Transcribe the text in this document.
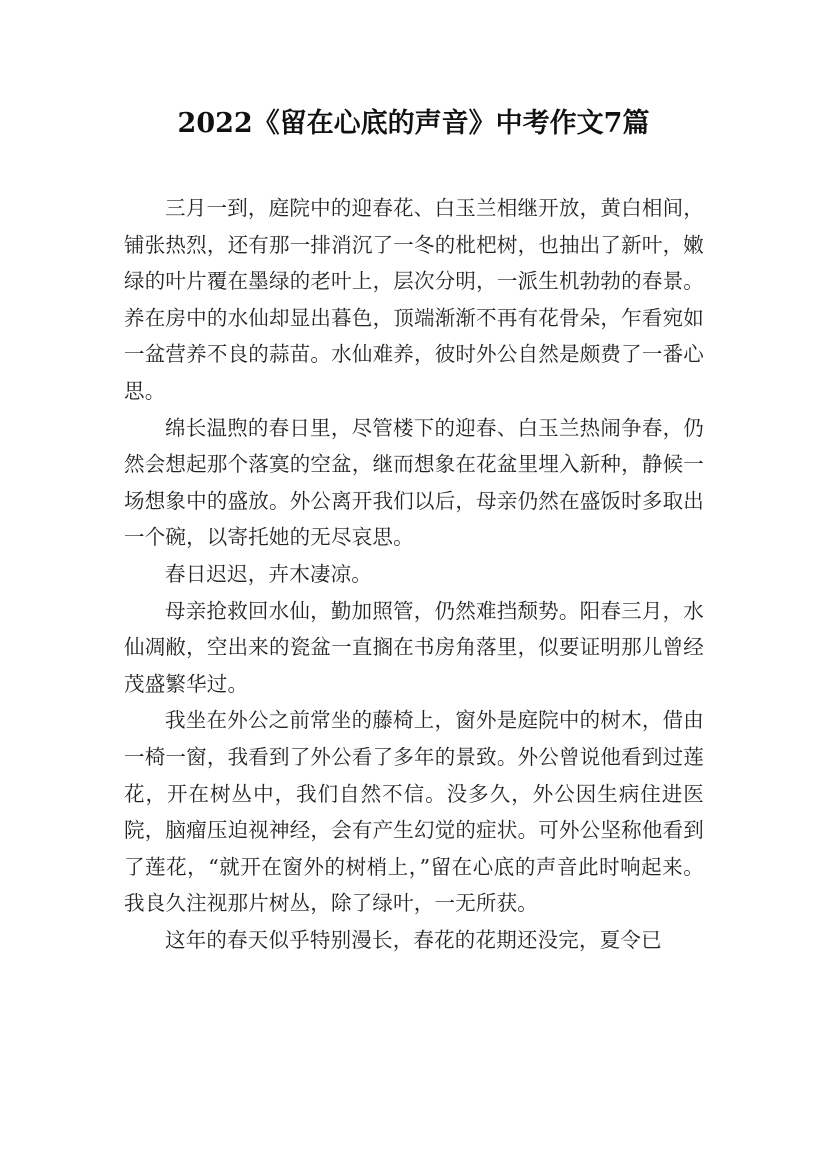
2022《留在心底的声音》中考作文7篇

三月一到，庭院中的迎春花、白玉兰相继开放，黄白相间，铺张热烈，还有那一排消沉了一冬的枇杷树，也抽出了新叶，嫩绿的叶片覆在墨绿的老叶上，层次分明，一派生机勃勃的春景。养在房中的水仙却显出暮色，顶端渐渐不再有花骨朵，乍看宛如一盆营养不良的蒜苗。水仙难养，彼时外公自然是颇费了一番心思。

绵长温煦的春日里，尽管楼下的迎春、白玉兰热闹争春，仍然会想起那个落寞的空盆，继而想象在花盆里埋入新种，静候一场想象中的盛放。外公离开我们以后，母亲仍然在盛饭时多取出一个碗，以寄托她的无尽哀思。

春日迟迟，卉木凄凉。

母亲抢救回水仙，勤加照管，仍然难挡颓势。阳春三月，水仙凋敝，空出来的瓷盆一直搁在书房角落里，似要证明那儿曾经茂盛繁华过。

我坐在外公之前常坐的藤椅上，窗外是庭院中的树木，借由一椅一窗，我看到了外公看了多年的景致。外公曾说他看到过莲花，开在树丛中，我们自然不信。没多久，外公因生病住进医院，脑瘤压迫视神经，会有产生幻觉的症状。可外公坚称他看到了莲花，“就开在窗外的树梢上，”留在心底的声音此时响起来。我良久注视那片树丛，除了绿叶，一无所获。

这年的春天似乎特别漫长，春花的花期还没完，夏令已
